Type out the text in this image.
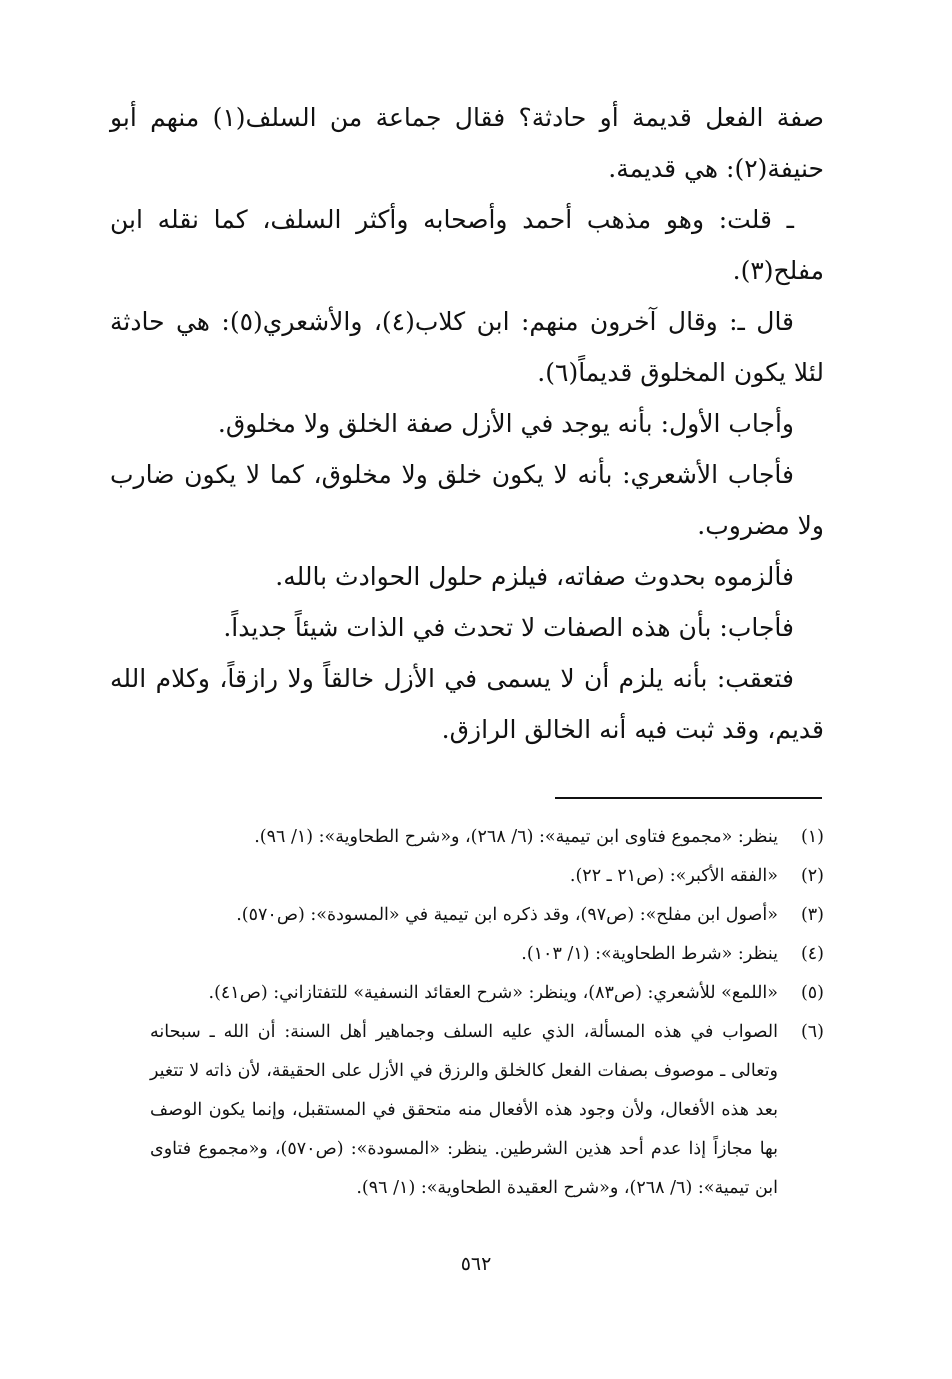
صفة الفعل قديمة أو حادثة؟ فقال جماعة من السلف(١) منهم أبو حنيفة(٢): هي قديمة.

ـ قلت: وهو مذهب أحمد وأصحابه وأكثر السلف، كما نقله ابن مفلح(٣).

قال ـ: وقال آخرون منهم: ابن كلاب(٤)، والأشعري(٥): هي حادثة لئلا يكون المخلوق قديماً(٦).

وأجاب الأول: بأنه يوجد في الأزل صفة الخلق ولا مخلوق.

فأجاب الأشعري: بأنه لا يكون خلق ولا مخلوق، كما لا يكون ضارب ولا مضروب.

فألزموه بحدوث صفاته، فيلزم حلول الحوادث بالله.

فأجاب: بأن هذه الصفات لا تحدث في الذات شيئاً جديداً.

فتعقب: بأنه يلزم أن لا يسمى في الأزل خالقاً ولا رازقاً، وكلام الله قديم، وقد ثبت فيه أنه الخالق الرازق.

(١)
ينظر: «مجموع فتاوى ابن تيمية»: (٦/ ٢٦٨)، و«شرح الطحاوية»: (١/ ٩٦).
(٢)
«الفقه الأكبر»: (ص٢١ ـ ٢٢).
(٣)
«أصول ابن مفلح»: (ص٩٧)، وقد ذكره ابن تيمية في «المسودة»: (ص٥٧٠).
(٤)
ينظر: «شرط الطحاوية»: (١/ ١٠٣).
(٥)
«اللمع» للأشعري: (ص٨٣)، وينظر: «شرح العقائد النسفية» للتفتازاني: (ص٤١).
(٦)
الصواب في هذه المسألة، الذي عليه السلف وجماهير أهل السنة: أن الله ـ سبحانه وتعالى ـ موصوف بصفات الفعل كالخلق والرزق في الأزل على الحقيقة، لأن ذاته لا تتغير بعد هذه الأفعال، ولأن وجود هذه الأفعال منه متحقق في المستقبل، وإنما يكون الوصف بها مجازاً إذا عدم أحد هذين الشرطين. ينظر: «المسودة»: (ص٥٧٠)، و«مجموع فتاوى ابن تيمية»: (٦/ ٢٦٨)، و«شرح العقيدة الطحاوية»: (١/ ٩٦).
٥٦٢
